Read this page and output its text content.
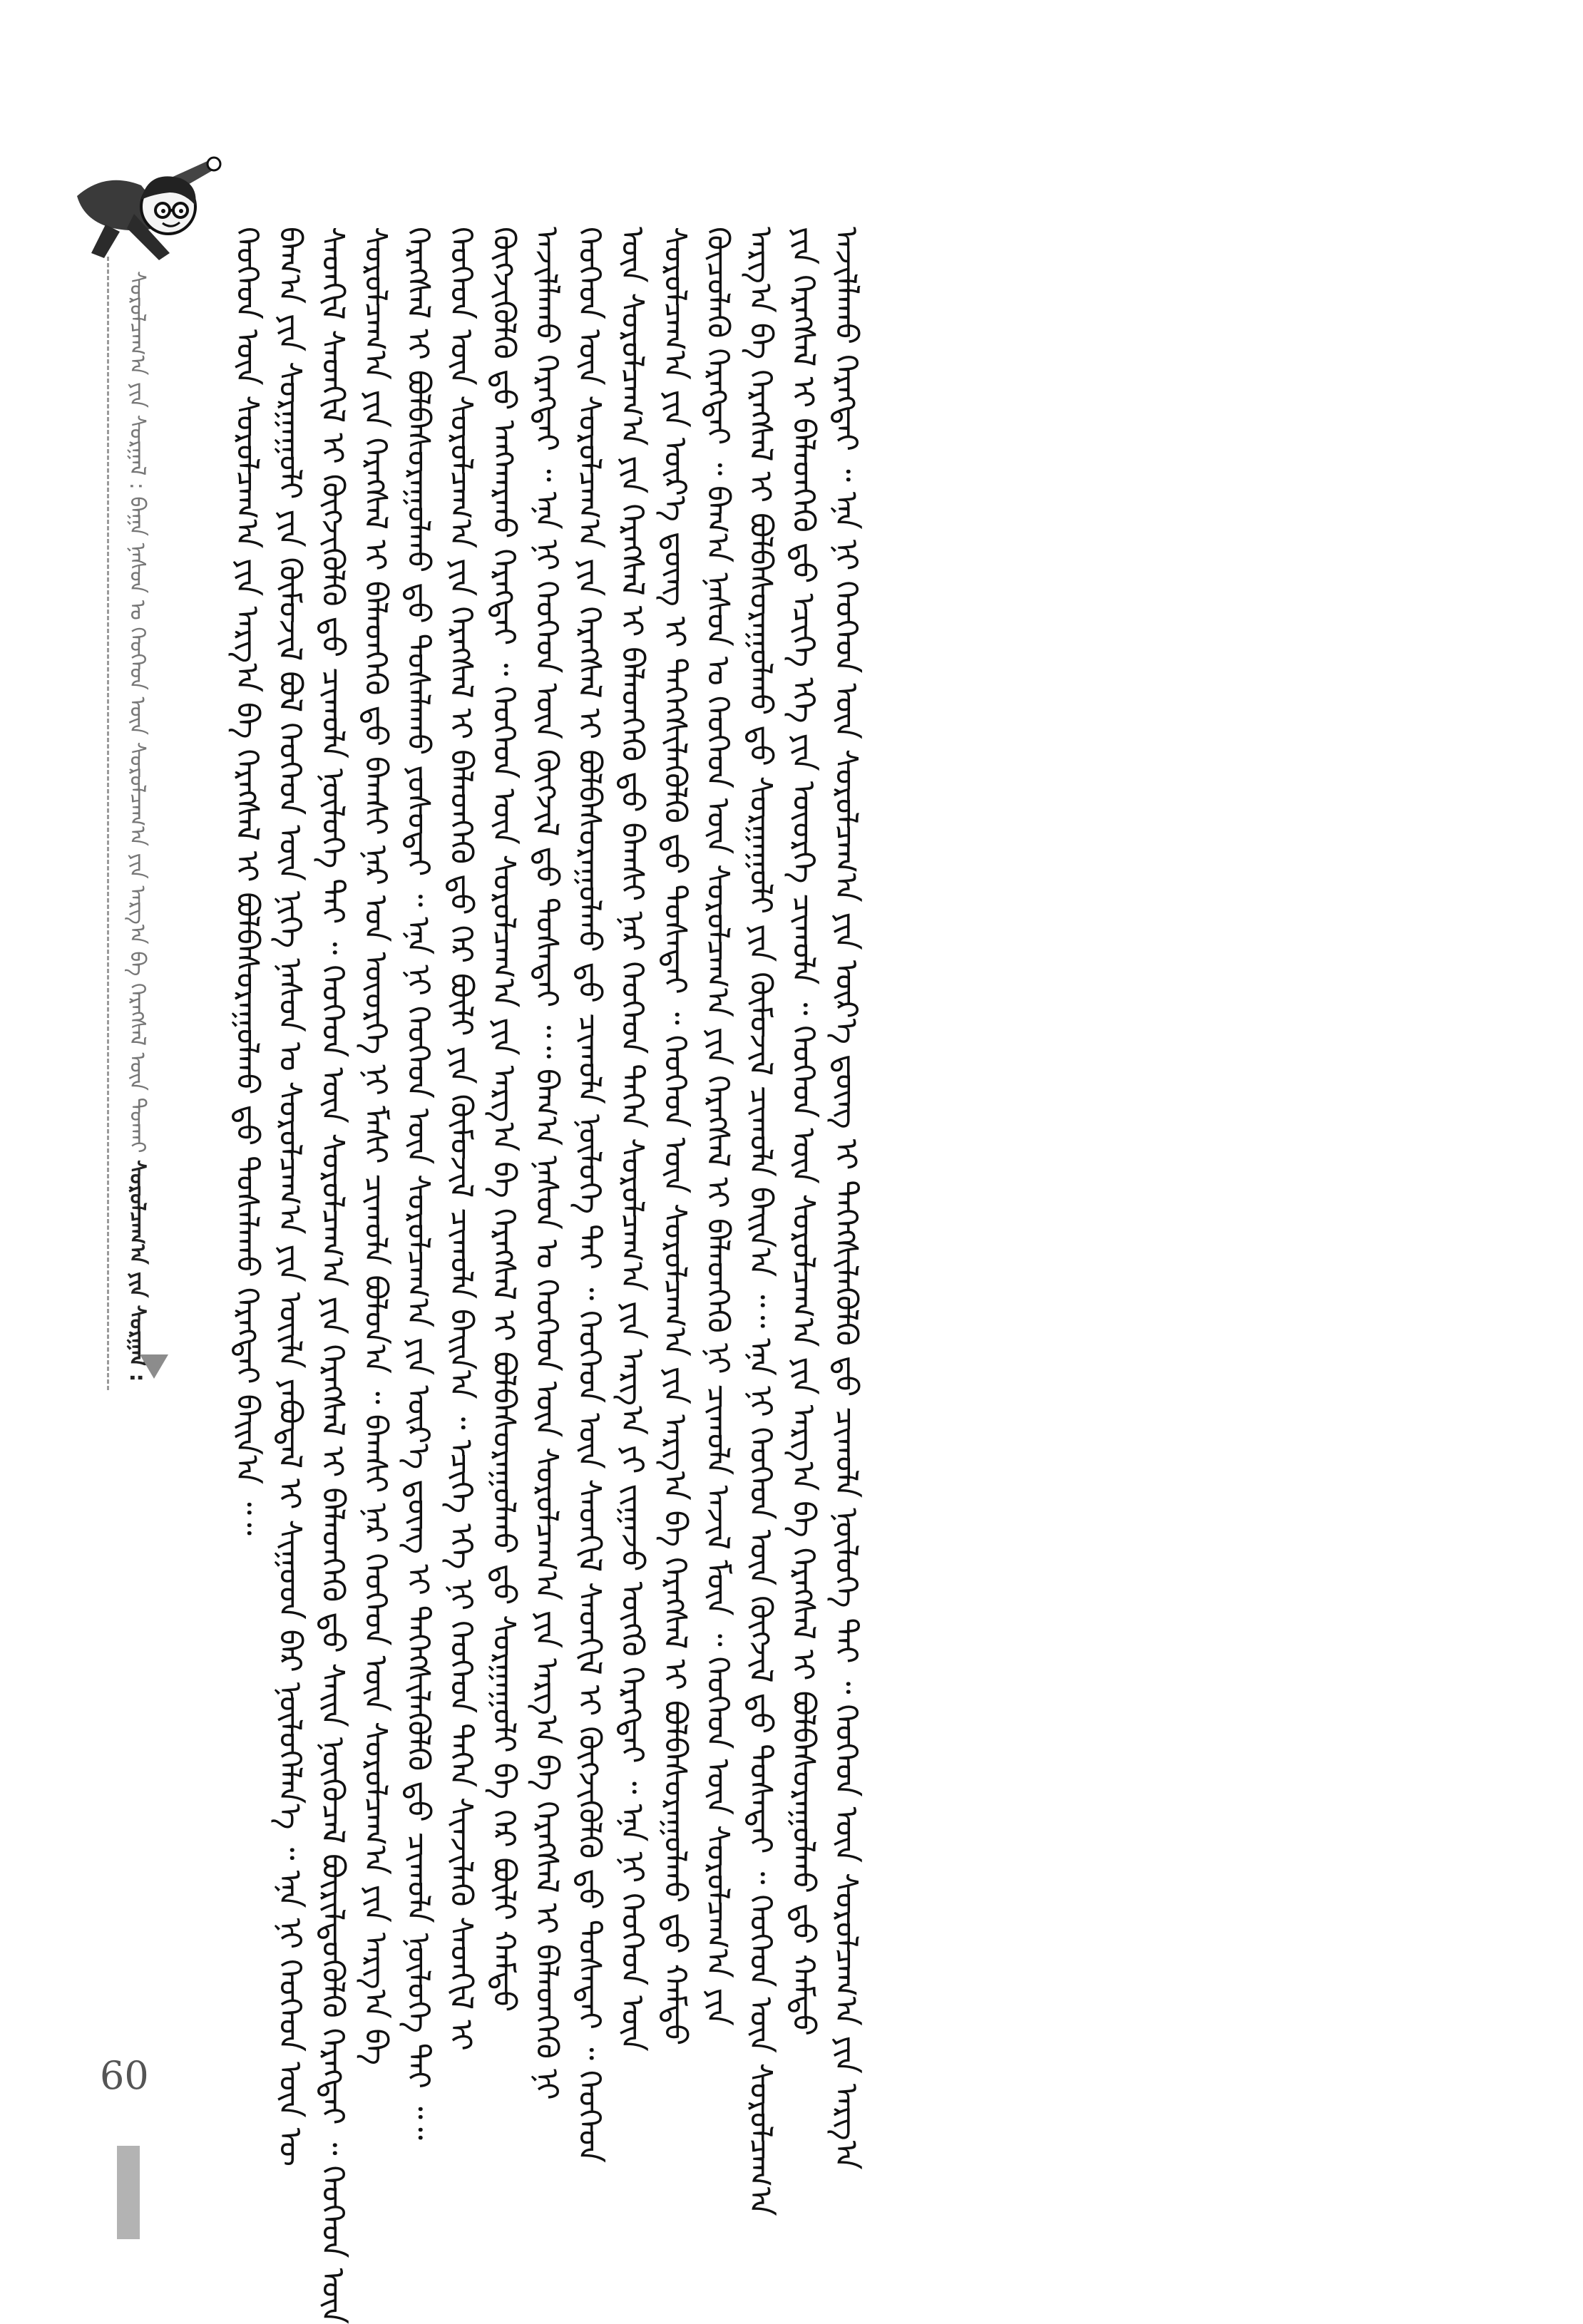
ᠰᠤᠷᠤᠯᠴᠠᠭ᠎ᠠ ᠶᠢᠨ ᠰᠤᠷᠭᠠᠯ : ᠪᠠᠭᠠ ᠨᠠᠰᠤᠨ ᠤ ᠬᠡᠦᠬᠡᠳ ᠦᠨ ᠰᠤᠷᠤᠯᠴᠠᠭ᠎ᠠ ᠶᠢᠨ ᠠᠷᠭ᠎ᠠ ᠪᠠ ᠬᠡᠷᠡᠭᠰᠡᠯ ᠦᠨ ᠲᠤᠬᠠᠢ ᠰᠤᠷᠤᠯᠴᠠᠭ᠎ᠠ ᠶᠢᠨ ᠰᠤᠷᠭᠠᠯ :	ᠬᠡᠦᠬᠡᠳ ᠦᠨ ᠰᠤᠷᠤᠯᠴᠠᠭ᠎ᠠ ᠶᠢᠨ ᠠᠷᠭ᠎ᠠ ᠪᠠ ᠬᠡᠷᠡᠭᠰᠡᠯ ᠢ ᠪᠤᠯᠪᠠᠰᠤᠷᠠᠭᠤᠯᠬᠤ ᠳ᠋ᠤ ᠲᠤᠰᠠᠯᠠᠬᠤ ᠬᠡᠷᠡᠭᠲᠡᠢ ᠪᠠᠢᠨ᠎ᠠ ᠃᠃ ᠪᠠᠭ᠎ᠠ ᠶᠢᠨ ᠰᠤᠷᠭᠠᠭᠤᠯᠢ ᠶᠢᠨ ᠬᠦᠮᠦᠵᠢᠯ ᠪᠤᠯ ᠬᠡᠦᠬᠡᠳ ᠦᠨ ᠨᠢᠭᠡ ᠨᠠᠰᠤᠨ ᠤ ᠰᠤᠷᠤᠯᠴᠠᠭ᠎ᠠ ᠶᠢᠨ ᠦᠢᠯᠡ ᠶᠠᠪᠤᠳᠠᠯ ᠢ ᠰᠢᠭᠤᠳ ᠪᠡᠷ ᠨᠦᠯᠦᠭᠡᠯᠡᠨ᠎ᠡ ᠃ ᠡᠨᠡ ᠨᠢ ᠬᠡᠦᠬᠡᠳ ᠦᠨ ᠦ ᠰᠡᠳᠬᠢᠯ ᠰᠡᠳᠬᠢᠯ ᠢ ᠬᠥᠭᠵᠢᠭᠦᠯᠬᠦ ᠳ᠋ᠤ ᠴᠢᠬᠤᠯᠠ ᠨᠦᠯᠦᠭᠡ ᠲᠠᠢ ᠃ ᠬᠡᠦᠬᠡᠳ ᠦᠨ ᠰᠤᠷᠤᠯᠴᠠᠭ᠎ᠠ ᠶᠢᠨ ᠬᠡᠷᠡᠭᠰᠡᠯ ᠢ ᠪᠡᠯᠡᠳᠬᠡᠬᠦ ᠳ᠋ᠤ ᠰᠠᠢᠨ ᠨᠥᠬᠦᠴᠡᠯ ᠪᠦᠷᠢᠯᠳᠦᠭᠦᠯᠬᠦ ᠬᠡᠷᠡᠭᠲᠡᠢ ᠃ ᠬᠡᠦᠬᠡᠳ ᠦᠨ ᠰᠤᠷᠤᠯᠴᠠᠭ᠎ᠠ ᠶᠢᠨ ᠬᠡᠷᠡᠭᠰᠡᠯ ᠢ ᠪᠡᠯᠡᠳᠬᠡᠬᠦ ᠳ᠋ᠤ ᠪᠠᠭᠰᠢ ᠨᠠᠷ ᠤᠨ ᠦᠦᠷᠭᠡ ᠨᠢ ᠮᠠᠰᠢ ᠴᠢᠬᠤᠯᠠ ᠪᠣᠯᠤᠨ᠎ᠠ ᠃ ᠪᠠᠭᠰᠢ ᠨᠠᠷ ᠬᠡᠦᠬᠡᠳ ᠦᠨ ᠰᠤᠷᠤᠯᠴᠠᠭ᠎ᠠ ᠶᠢᠨ ᠠᠷᠭ᠎ᠠ ᠪᠠ ᠬᠡᠷᠡᠭᠰᠡᠯ ᠢ ᠪᠤᠯᠪᠠᠰᠤᠷᠠᠭᠤᠯᠬᠤ ᠳ᠋ᠤ ᠲᠤᠰᠠᠯᠠᠬᠤ ᠶᠤᠰᠤᠲᠠᠢ ᠃ ᠡᠨᠡ ᠨᠢ ᠬᠡᠦᠬᠡᠳ ᠦᠨ ᠰᠤᠷᠤᠯᠴᠠᠭ᠎ᠠ ᠶᠢᠨ ᠦᠷ᠎ᠡ ᠳ᠋ᠦᠩ ᠢ ᠳᠡᠭᠡᠭᠰᠢᠯᠡᠭᠦᠯᠬᠦ ᠳ᠋ᠤ ᠴᠢᠬᠤᠯᠠ ᠨᠦᠯᠦᠭᠡ ᠲᠠᠢ ᠃᠃ ᠬᠡᠦᠬᠡᠳ ᠦᠨ ᠰᠤᠷᠤᠯᠴᠠᠭ᠎ᠠ ᠶᠢᠨ ᠬᠡᠷᠡᠭᠰᠡᠯ ᠢ ᠪᠡᠯᠡᠳᠬᠡᠬᠦ ᠳ᠋ᠤ ᠭᠡᠷ ᠪᠦᠯᠢ ᠶᠢᠨ ᠬᠦᠮᠦᠵᠢᠯ ᠴᠢᠬᠤᠯᠠ ᠪᠠᠢᠨ᠎ᠠ ᠃ ᠡᠴᠢᠭᠡ ᠡᠬᠡ ᠨᠢ ᠬᠡᠦᠬᠡᠳ ᠲᠡᠭᠡᠨ ᠰᠢᠨᠵᠢᠯᠡᠬᠦ ᠰᠡᠳᠬᠢᠯ ᠢ ᠬᠥᠭᠵᠢᠭᠦᠯᠬᠦ ᠳ᠋ᠤ ᠠᠩᠬᠠᠷᠬᠤ ᠬᠡᠷᠡᠭᠲᠡᠢ ᠃ ᠬᠡᠦᠬᠡᠳ ᠦᠨ ᠰᠤᠷᠤᠯᠴᠠᠭ᠎ᠠ ᠶᠢᠨ ᠠᠷᠭ᠎ᠠ ᠪᠠ ᠬᠡᠷᠡᠭᠰᠡᠯ ᠢ ᠪᠤᠯᠪᠠᠰᠤᠷᠠᠭᠤᠯᠬᠤ ᠳ᠋ᠤ ᠰᠤᠷᠭᠠᠭᠤᠯᠢ ᠪᠠ ᠭᠡᠷ ᠪᠦᠯᠢ ᠬᠠᠮᠲᠤ ᠠᠵᠢᠯᠯᠠᠬᠤ ᠬᠡᠷᠡᠭᠲᠡᠢ ᠃ ᠡᠨᠡ ᠨᠢ ᠬᠡᠦᠬᠡᠳ ᠦᠨ ᠬᠥᠭᠵᠢᠯ ᠳ᠋ᠤ ᠲᠤᠰᠠᠲᠠᠢ ᠃᠃ ᠪᠠᠭ᠎ᠠ ᠨᠠᠰᠤᠨ ᠤ ᠬᠡᠦᠬᠡᠳ ᠦᠨ ᠰᠤᠷᠤᠯᠴᠠᠭ᠎ᠠ ᠶᠢᠨ ᠠᠷᠭ᠎ᠠ ᠪᠠ ᠬᠡᠷᠡᠭᠰᠡᠯ ᠢ ᠪᠡᠯᠡᠳᠬᠡᠬᠦ ᠨᠢ ᠬᠡᠦᠬᠡᠳ ᠦᠨ ᠰᠤᠷᠤᠯᠴᠠᠭ᠎ᠠ ᠶᠢᠨ ᠬᠡᠷᠡᠭᠰᠡᠯ ᠢ ᠪᠤᠯᠪᠠᠰᠤᠷᠠᠭᠤᠯᠬᠤ ᠳ᠋ᠤ ᠴᠢᠬᠤᠯᠠ ᠨᠦᠯᠦᠭᠡ ᠲᠠᠢ ᠃ ᠬᠡᠦᠬᠡᠳ ᠦᠨ ᠰᠡᠳᠬᠢᠯ ᠰᠡᠳᠬᠢᠯ ᠢ ᠬᠥᠭᠵᠢᠭᠦᠯᠬᠦ ᠳ᠋ᠤ ᠲᠤᠰᠠᠲᠠᠢ ᠃ ᠬᠡᠦᠬᠡᠳ ᠦᠨ ᠰᠤᠷᠤᠯᠴᠠᠭ᠎ᠠ ᠶᠢᠨ ᠬᠡᠷᠡᠭᠰᠡᠯ ᠢ ᠪᠡᠯᠡᠳᠬᠡᠬᠦ ᠳ᠋ᠤ ᠪᠠᠭᠰᠢ ᠨᠠᠷ ᠬᠡᠦᠬᠡᠳ ᠲᠡᠭᠡᠨ ᠰᠤᠷᠤᠯᠴᠠᠭ᠎ᠠ ᠶᠢᠨ ᠠᠷᠭ᠎ᠠ ᠶᠢ ᠵᠢᠭᠠᠵᠤ ᠦᠭᠬᠦ ᠬᠡᠷᠡᠭᠲᠡᠢ ᠃ ᠡᠨᠡ ᠨᠢ ᠬᠡᠦᠬᠡᠳ ᠦᠨ ᠰᠤᠷᠤᠯᠴᠠᠭ᠎ᠠ ᠶᠢᠨ ᠦᠷ᠎ᠡ ᠳ᠋ᠦᠩ ᠢ ᠳᠡᠭᠡᠭᠰᠢᠯᠡᠭᠦᠯᠬᠦ ᠳ᠋ᠤ ᠲᠤᠰᠠᠲᠠᠢ ᠃ ᠬᠡᠦᠬᠡᠳ ᠦᠨ ᠰᠤᠷᠤᠯᠴᠠᠭ᠎ᠠ ᠶᠢᠨ ᠠᠷᠭ᠎ᠠ ᠪᠠ ᠬᠡᠷᠡᠭᠰᠡᠯ ᠢ ᠪᠤᠯᠪᠠᠰᠤᠷᠠᠭᠤᠯᠬᠤ ᠳ᠋ᠤ ᠬᠠᠮᠲᠤ ᠬᠦᠴᠦᠯᠡᠬᠦ ᠬᠡᠷᠡᠭᠲᠡᠢ ᠃ ᠪᠠᠭ᠎ᠠ ᠨᠠᠰᠤᠨ ᠤ ᠬᠡᠦᠬᠡᠳ ᠦᠨ ᠰᠤᠷᠤᠯᠴᠠᠭ᠎ᠠ ᠶᠢᠨ ᠬᠡᠷᠡᠭᠰᠡᠯ ᠢ ᠪᠡᠯᠡᠳᠬᠡᠬᠦ ᠨᠢ ᠴᠢᠬᠤᠯᠠ ᠠᠵᠢᠯ ᠮᠥᠨ ᠃ ᠬᠡᠦᠬᠡᠳ ᠦᠨ ᠰᠤᠷᠤᠯᠴᠠᠭ᠎ᠠ ᠶᠢᠨ ᠠᠷᠭ᠎ᠠ ᠪᠠ ᠬᠡᠷᠡᠭᠰᠡᠯ ᠢ ᠪᠤᠯᠪᠠᠰᠤᠷᠠᠭᠤᠯᠬᠤ ᠳ᠋ᠤ ᠰᠤᠷᠭᠠᠭᠤᠯᠢ ᠶᠢᠨ ᠬᠦᠮᠦᠵᠢᠯ ᠴᠢᠬᠤᠯᠠ ᠪᠠᠢᠨ᠎ᠠ ᠃᠃ ᠡᠨᠡ ᠨᠢ ᠬᠡᠦᠬᠡᠳ ᠦᠨ ᠬᠥᠭᠵᠢᠯ ᠳ᠋ᠤ ᠲᠤᠰᠠᠲᠠᠢ ᠃ ᠬᠡᠦᠬᠡᠳ ᠦᠨ ᠰᠤᠷᠤᠯᠴᠠᠭ᠎ᠠ ᠶᠢᠨ ᠬᠡᠷᠡᠭᠰᠡᠯ ᠢ ᠪᠡᠯᠡᠳᠬᠡᠬᠦ ᠳ᠋ᠤ ᠡᠴᠢᠭᠡ ᠡᠬᠡ ᠶᠢᠨ ᠦᠦᠷᠭᠡ ᠴᠢᠬᠤᠯᠠ ᠃ ᠬᠡᠦᠬᠡᠳ ᠦᠨ ᠰᠤᠷᠤᠯᠴᠠᠭ᠎ᠠ ᠶᠢᠨ ᠠᠷᠭ᠎ᠠ ᠪᠠ ᠬᠡᠷᠡᠭᠰᠡᠯ ᠢ ᠪᠤᠯᠪᠠᠰᠤᠷᠠᠭᠤᠯᠬᠤ ᠳ᠋ᠤ ᠬᠠᠮᠲᠤ ᠠᠵᠢᠯᠯᠠᠬᠤ ᠬᠡᠷᠡᠭᠲᠡᠢ ᠃ ᠡᠨᠡ ᠨᠢ ᠬᠡᠦᠬᠡᠳ ᠦᠨ ᠰᠤᠷᠤᠯᠴᠠᠭ᠎ᠠ ᠶᠢᠨ ᠦᠷ᠎ᠡ ᠳ᠋ᠦᠩ ᠢ ᠳᠡᠭᠡᠭᠰᠢᠯᠡᠭᠦᠯᠬᠦ ᠳ᠋ᠤ ᠴᠢᠬᠤᠯᠠ ᠨᠦᠯᠦᠭᠡ ᠲᠠᠢ ᠃ ᠬᠡᠦᠬᠡᠳ ᠦᠨ ᠰᠤᠷᠤᠯᠴᠠᠭ᠎ᠠ ᠶᠢᠨ ᠠᠷᠭ᠎ᠠ
60
